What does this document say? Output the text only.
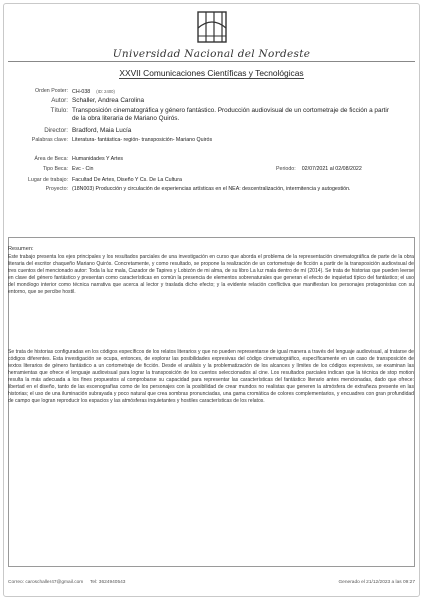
Universidad Nacional del Nordeste
XXVII Comunicaciones Científicas y Tecnológicas
Orden Poster: CH-038 (ID: 2400)
Autor: Schaller, Andrea Carolina
Título: Transposición cinematográfica y género fantástico. Producción audiovisual de un cortometraje de ficción a partir de la obra literaria de Mariano Quirós.
Director: Bradford, Maia Lucía
Palabras clave: Literatura- fantástica- región- transposición- Mariano Quirós
Área de Beca: Humanidades Y Artes
Tipo Beca: Evc - Cin	Periodo: 02/07/2021 al 02/08/2022
Lugar de trabajo: Facultad De Artes, Diseño Y Cs. De La Cultura
Proyecto: (18N003) Producción y circulación de experiencias artísticas en el NEA: descentralización, intermitencia y autogestión.
Resumen:
Este trabajo presenta los ejes principales y los resultados parciales de una investigación en curso que aborda el problema de la representación cinematográfica de parte de la obra literaria del escritor chaqueño Mariano Quirós. Concretamente, y como resultado, se propone la realización de un cortometraje de ficción a partir de la transposición audiovisual de tres cuentos del mencionado autor: Toda la luz mala, Cazador de Tapires y Lobizón de mi alma, de su libro La luz mala dentro de mí (2014). Se trata de historias que pueden leerse en clave del género fantástico y presentan como características en común la presencia de elementos sobrenaturales que generan el efecto de inquietud típico del fantástico; el uso del monólogo interior como técnica narrativa que acerca al lector y traslada dicho efecto; y la evidente relación conflictiva que manifiestan los personajes protagonistas con su entorno, que se percibe hostil.
Se trata de historias configuradas en los códigos específicos de los relatos literarios y que no pueden representarse de igual manera a través del lenguaje audiovisual, al tratarse de códigos diferentes. Esta investigación se ocupa, entonces, de explorar las posibilidades expresivas del código cinematográfico, específicamente en un caso de transposición de textos literarios de género fantástico a un cortometraje de ficción. Desde el análisis y la problematización de los alcances y límites de los códigos expresivos, se examinan las herramientas que ofrece el lenguaje audiovisual para lograr la transposición de los cuentos seleccionados al cine. Los resultados parciales indican que la técnica de stop motion resulta la más adecuada a los fines propuestos al comprobarse su capacidad para representar las características del fantástico literario antes mencionadas, dado que ofrece: libertad en el diseño, tanto de las escenografías como de los personajes con la posibilidad de crear mundos no realistas que generen la atmósfera de extrañeza presente en las historias; el uso de una iluminación subrayada y poco natural que crea sombras pronunciadas, una gama cromática de colores complementarios, y encuadres con gran profundidad de campo que logran reproducir los espacios y las atmósferas inquietantes y hostiles características de los relatos.
Correo: caroschaller47@gmail.com Tel: 3624940543	Generado el 21/12/2023 a las 09:27
